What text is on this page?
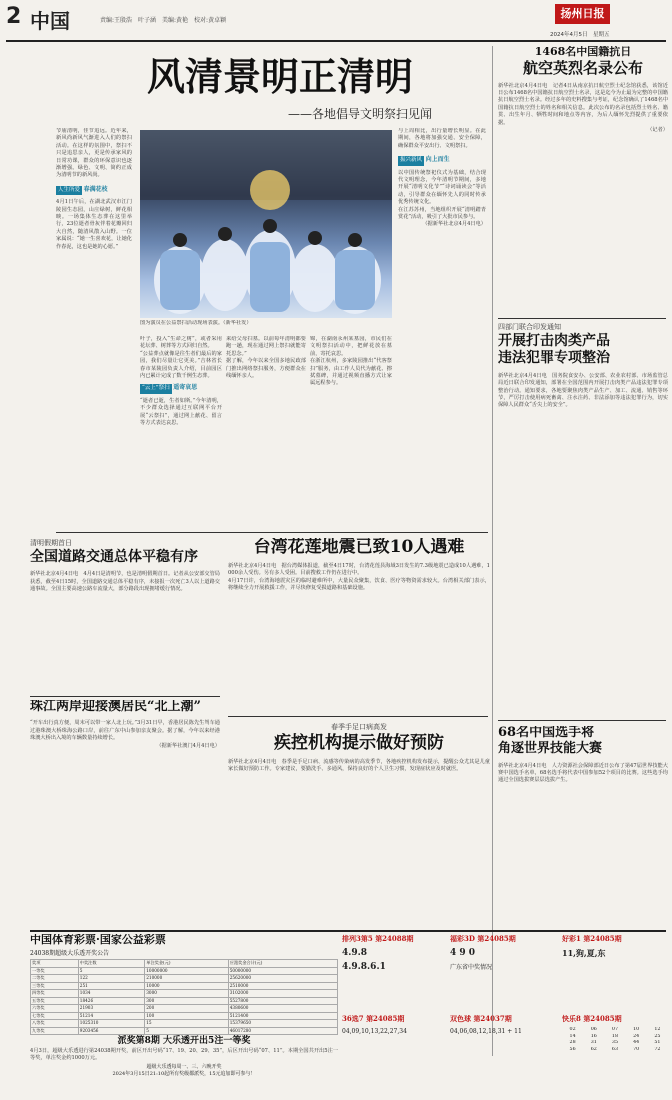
2 中国	责编:王殷浩　叶子涵　美编:黄艳　校对:黄卓颖
扬州日报
2024年4月5日　星期五
风清景明正清明
——各地倡导文明祭扫见闻

节庙清明，佳节追远。近年来，新风尚新风气渐进入人们的祭扫活动。在这样的氛围中，祭扫不只是追思亲人，更是传承家风的日常功课，群众的环保意识也逐渐增强。绿色、文明、简约正成为清明节的新风尚。

人生所爱 春满花枝

4月1日午后，在湖北武汉市江门陵园生态园，山庄绿树，鲜花相映。一场集体生态葬在这里举行，23位逝者骨灰伴着花瓣回归大自然，随清风散入山野。一位家属说：“她一生喜欢花，让她化作春泥，这也是她的心愿。”

图为演员在公益祭扫活动现场表演。（新华社发）

叶子，投入“生命之树”，或者采用花坛葬、树葬等方式回归自然。

“公益葬点就像是往生者们最后的家园，我们尽量让它更美。”吉林省长春市某陵园负责人介绍，目前园区内已累计完成了数千例生态葬。

“云上”祭扫 遥寄哀思

“逝者已逝，生者如斯。”今年清明，不少群众选择通过互联网平台开展“云祭扫”，通过网上献花、留言等方式表达哀思。

来给父母扫墓。以前每年清明都要跑一趟，现在通过网上祭扫就能寄托思念。”

据了解，今年以来全国多地民政部门推出网络祭扫服务，方便群众在线缅怀亲人。

锦，在湖南永州某墓园，市民们在文明祭扫活动中，把鲜花放在墓前，寄托哀思。

在浙江杭州，多家陵园推出“代客祭扫”服务，由工作人员代为献花、擦拭墓碑，并通过视频直播方式让家属远程参与。

与上周相比，出行量增长明显。在此期间，各地将加强交通、安全保障，确保群众平安出行、文明祭扫。

振兴新风 向上而生

以中国传统祭祀仪式为基础，结合现代文明理念，今年清明节期间，多地开展“清明文化节”“诗词诵读会”等活动，引导群众在缅怀先人的同时传承优秀传统文化。

在江苏苏州，当地组织开展“清明踏青赏花”活动，吸引了大批市民参与。

（据新华社北京4月4日电）

1468名中国籍抗日
航空英烈名录公布

新华社北京4月4日电　记者4日从南京抗日航空烈士纪念馆获悉，该馆近日公布1468名中国籍抗日航空烈士名录，这是迄今为止最为完整的中国籍抗日航空烈士名录。经过多年的史料搜集与考证，纪念馆确认了1468名中国籍抗日航空烈士的姓名和相关信息。此次公布的名录包括烈士姓名、籍贯、出生年月、牺牲时间和地点等内容，为后人缅怀先烈提供了重要依据。

（记者）

四部门联合印发通知
开展打击肉类产品
违法犯罪专项整治

新华社北京4月4日电　国务院食安办、公安部、农业农村部、市场监管总局近日联合印发通知，部署在全国范围内开展打击肉类产品违法犯罪专项整治行动。通知要求，各地要聚焦肉类产品生产、加工、流通、销售等环节，严厉打击使用病死畜禽、注水注药、非法添加等违法犯罪行为，切实保障人民群众“舌尖上的安全”。

68名中国选手将
角逐世界技能大赛

新华社北京4月4日电　人力资源社会保障部近日公布了第47届世界技能大赛中国选手名单，68名选手将代表中国参加52个项目的比赛。这些选手均通过全国选拔赛层层选拔产生。

清明假期首日
全国道路交通总体平稳有序

新华社北京4月4日电　4月4日是清明节，也是清明假期首日。记者从公安部交管局获悉，截至4日15时，全国道路交通总体平稳有序，未接报一次死亡3人以上道路交通事故。全国主要高速公路车流量大，部分路段出现拥堵缓行情况。

珠江两岸迎接澳居民“北上潮”

“开车出行真方便，周末可以带一家人北上玩。”3月31日早，香港居民陈先生驾车通过港珠澳大桥珠海公路口岸，前往广东中山参加亲友聚会。据了解，今年以来经港珠澳大桥出入境的车辆数量持续增长。

（据新华社澳门4月4日电）

台湾花莲地震已致10人遇难

新华社北京4月4日电　据台湾媒体报道，截至4日17时，台湾花莲县海域3日发生的7.3级地震已造成10人遇难，1000余人受伤。另有多人受困。目前搜救工作仍在进行中。

4月17日许，台湾海地震灾区的临时避难所中，大量民众聚集，饮食、医疗等物资需求较大。台湾相关部门表示，将继续全力开展救援工作，并尽快修复受损道路和基础设施。

春季手足口病高发
疾控机构提示做好预防

新华社北京4月4日电　春季是手足口病、流感等传染病的高发季节，各地疾控机构发布提示，提醒公众尤其是儿童家长做好预防工作。专家建议，要勤洗手、多通风，保持良好的个人卫生习惯，发现症状应及时就医。

中国体育彩票·国家公益彩票
24038期超级大乐透开奖公告
奖项	中奖注数	单注奖金(元)	应派奖金合计(元)
一等奖	5	10000000	50000000
二等奖	122	210000	25620000
三等奖	251	10000	2510000
四等奖	1034	3000	3102000
五等奖	18426	300	5527800
六等奖	21903	200	4380600
七等奖	51214	100	5121400
八等奖	1025310	15	15379650
九等奖	9203456	5	46017280
派奖第8期 大乐透开出5注一等奖

4月3日，超级大乐透进行第24038期开奖，前区开出号码“17、19、20、29、35”，后区开出号码“07、11”。本期全国共开出5注一等奖，单注奖金约1000万元。

超级大乐透每周一、三、六晚开奖
2024年3月15日21:10起所有奖级都派奖，15元追加即可参与！
排列3第5 第24088期
4.9.8
4.9.8.6.1
福彩3D 第24085期
4 9 0
广东省中奖情况
好彩1 第24085期
11,狗,夏,东
36选7 第24085期
04,09,10,13,22,27,34
双色球 第24037期
04,06,08,12,18,31 + 11
快乐8 第24085期
02	06	07	10	12
14	16	18	24	25
28	31	35	44	51
56	62	63	70	72
